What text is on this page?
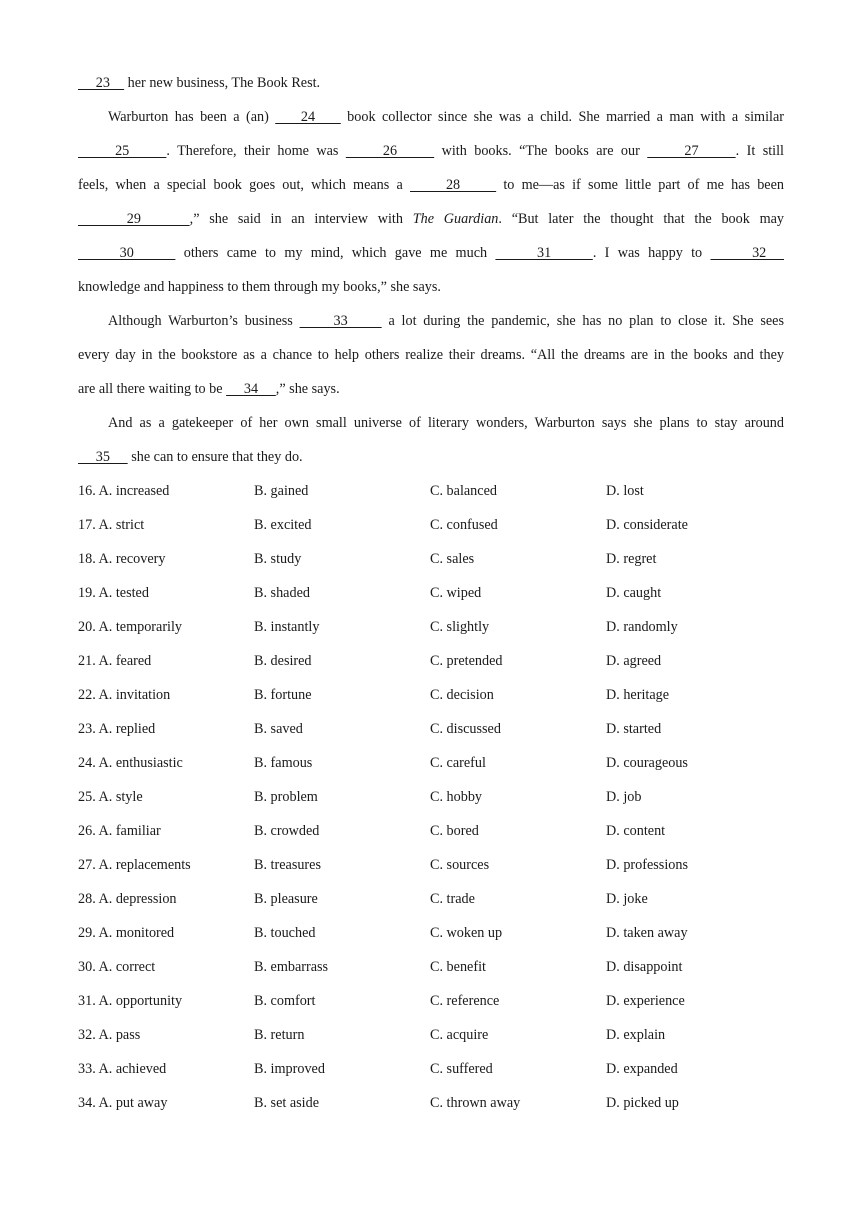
23     her new business, The Book Rest.
Warburton has been a (an)     24     book collector since she was a child. She married a man with a similar
25     . Therefore, their home was      26      with books. “The books are our      27     . It still
feels, when a special book goes out, which means a      28      to me—as if some little part of me has been
29     ,” she said in an interview with The Guardian. “But later the thought that the book may
30      others came to my mind, which gave me much      31     . I was happy to      32
knowledge and happiness to them through my books,” she says.
Although Warburton’s business      33      a lot during the pandemic, she has no plan to close it. She sees
every day in the bookstore as a chance to help others realize their dreams. “All the dreams are in the books and they
are all there waiting to be      34     ,” she says.
And as a gatekeeper of her own small universe of literary wonders, Warburton says she plans to stay around
35      she can to ensure that they do.
16. A. increased	B. gained	C. balanced	D. lost
17. A. strict	B. excited	C. confused	D. considerate
18. A. recovery	B. study	C. sales	D. regret
19. A. tested	B. shaded	C. wiped	D. caught
20. A. temporarily	B. instantly	C. slightly	D. randomly
21. A. feared	B. desired	C. pretended	D. agreed
22. A. invitation	B. fortune	C. decision	D. heritage
23. A. replied	B. saved	C. discussed	D. started
24. A. enthusiastic	B. famous	C. careful	D. courageous
25. A. style	B. problem	C. hobby	D. job
26. A. familiar	B. crowded	C. bored	D. content
27. A. replacements	B. treasures	C. sources	D. professions
28. A. depression	B. pleasure	C. trade	D. joke
29. A. monitored	B. touched	C. woken up	D. taken away
30. A. correct	B. embarrass	C. benefit	D. disappoint
31. A. opportunity	B. comfort	C. reference	D. experience
32. A. pass	B. return	C. acquire	D. explain
33. A. achieved	B. improved	C. suffered	D. expanded
34. A. put away	B. set aside	C. thrown away	D. picked up
